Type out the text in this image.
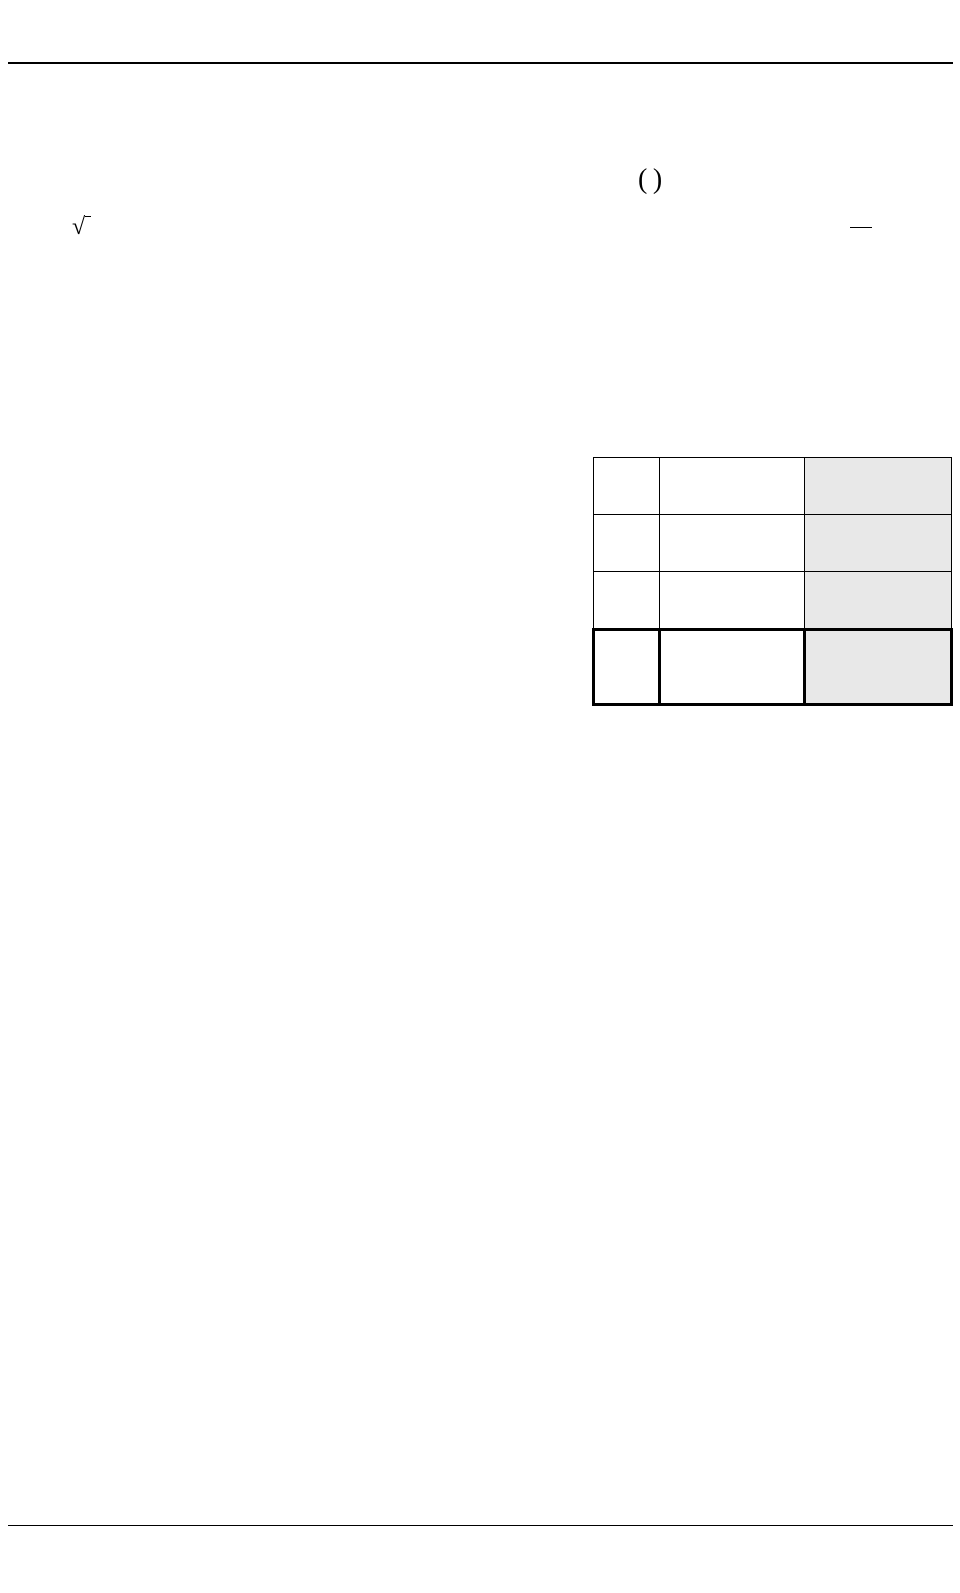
( )
√
